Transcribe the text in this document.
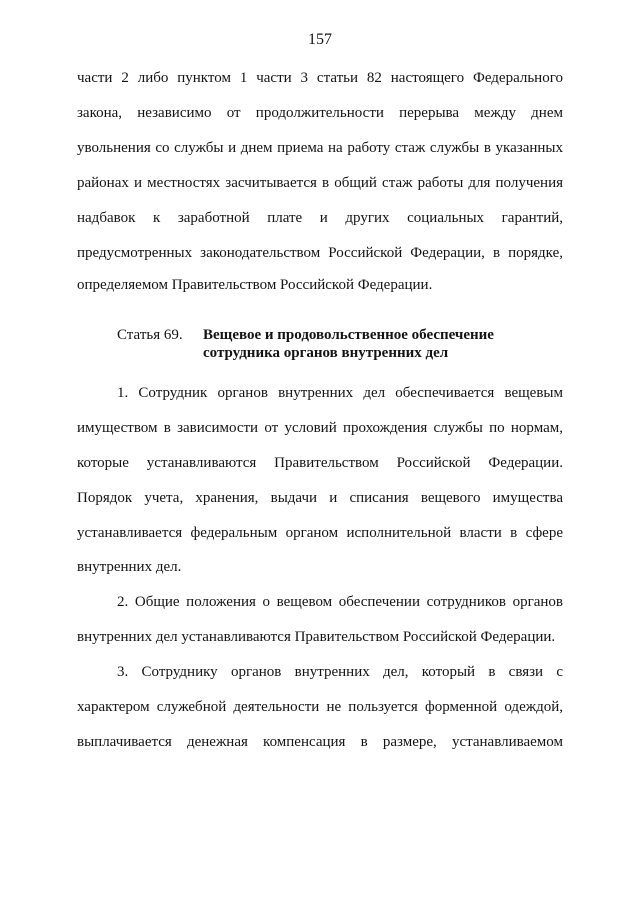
157
части 2 либо пунктом 1 части 3 статьи 82 настоящего Федерального
закона, независимо от продолжительности перерыва между днем
увольнения со службы и днем приема на работу стаж службы в указанных
районах и местностях засчитывается в общий стаж работы для получения
надбавок к заработной плате и других социальных гарантий,
предусмотренных законодательством Российской Федерации, в порядке,
определяемом Правительством Российской Федерации.
Статья 69. Вещевое и продовольственное обеспечение
сотрудника органов внутренних дел
1. Сотрудник органов внутренних дел обеспечивается вещевым
имуществом в зависимости от условий прохождения службы по нормам,
которые устанавливаются Правительством Российской Федерации.
Порядок учета, хранения, выдачи и списания вещевого имущества
устанавливается федеральным органом исполнительной власти в сфере
внутренних дел.
2. Общие положения о вещевом обеспечении сотрудников органов
внутренних дел устанавливаются Правительством Российской Федерации.
3. Сотруднику органов внутренних дел, который в связи с
характером служебной деятельности не пользуется форменной одеждой,
выплачивается денежная компенсация в размере, устанавливаемом
